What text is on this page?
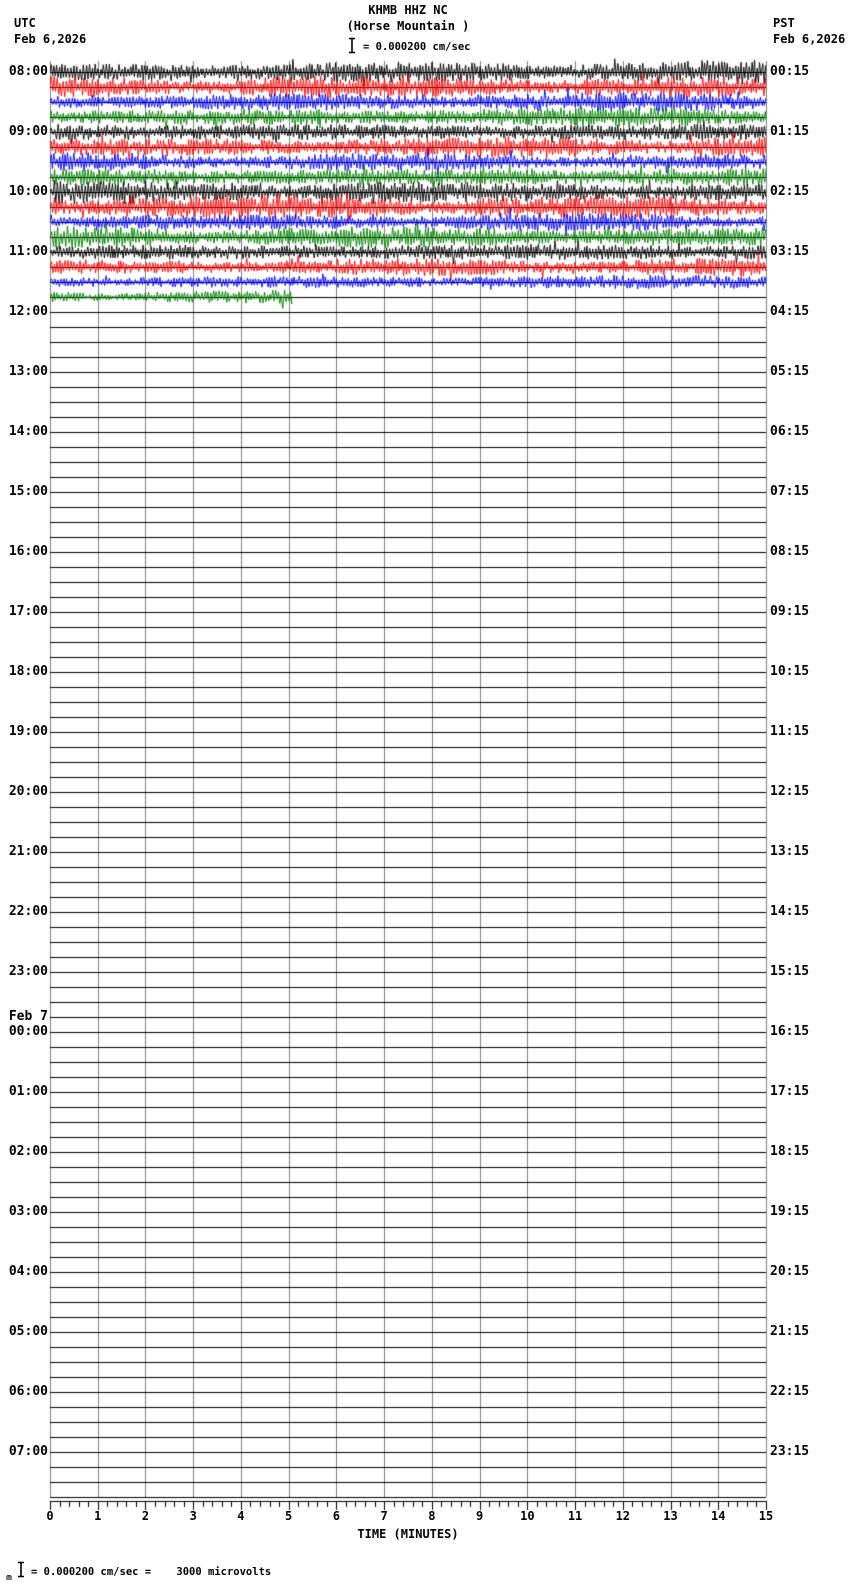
UTC
Feb 6,2026
PST
Feb 6,2026
KHMB HHZ NC
(Horse Mountain )
= 0.000200 cm/sec
08:00
09:00
10:00
11:00
12:00
13:00
14:00
15:00
16:00
17:00
18:00
19:00
20:00
21:00
22:00
23:00
Feb 7
00:00
01:00
02:00
03:00
04:00
05:00
06:00
07:00
00:15
01:15
02:15
03:15
04:15
05:15
06:15
07:15
08:15
09:15
10:15
11:15
12:15
13:15
14:15
15:15
16:15
17:15
18:15
19:15
20:15
21:15
22:15
23:15
0	1	2	3	4	5	6	7	8	9	10	11	12	13	14	15
TIME (MINUTES)
= 0.000200 cm/sec =    3000 microvolts
